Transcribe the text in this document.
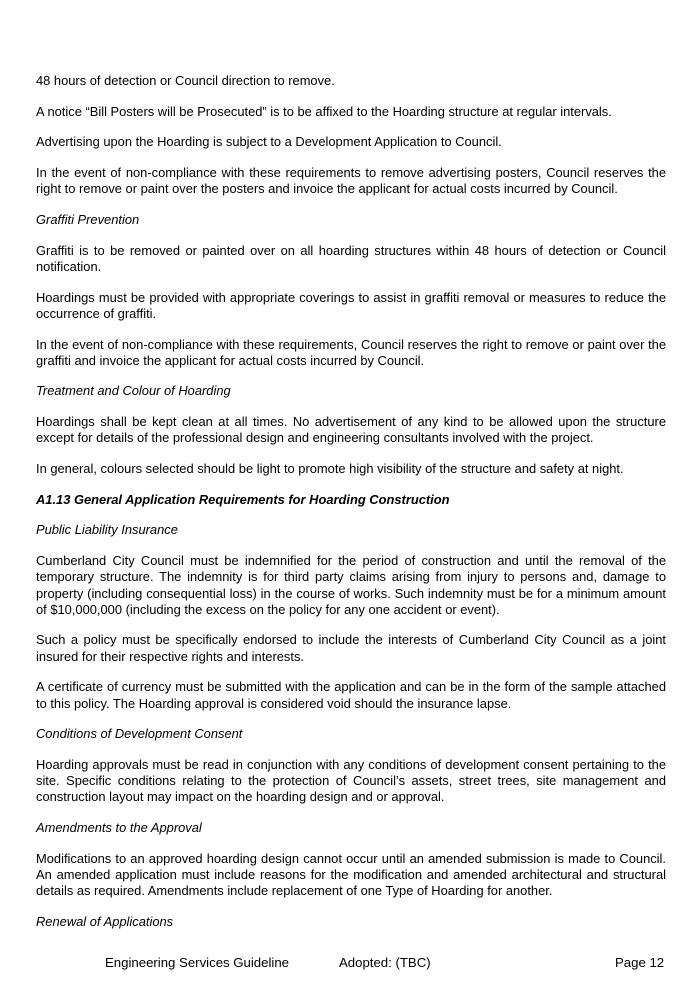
48 hours of detection or Council direction to remove.

A notice “Bill Posters will be Prosecuted” is to be affixed to the Hoarding structure at regular intervals.

Advertising upon the Hoarding is subject to a Development Application to Council.

In the event of non-compliance with these requirements to remove advertising posters, Council reserves the right to remove or paint over the posters and invoice the applicant for actual costs incurred by Council.

Graffiti Prevention

Graffiti is to be removed or painted over on all hoarding structures within 48 hours of detection or Council notification.

Hoardings must be provided with appropriate coverings to assist in graffiti removal or measures to reduce the occurrence of graffiti.

In the event of non-compliance with these requirements, Council reserves the right to remove or paint over the graffiti and invoice the applicant for actual costs incurred by Council.

Treatment and Colour of Hoarding

Hoardings shall be kept clean at all times. No advertisement of any kind to be allowed upon the structure except for details of the professional design and engineering consultants involved with the project.

In general, colours selected should be light to promote high visibility of the structure and safety at night.

A1.13 General Application Requirements for Hoarding Construction

Public Liability Insurance

Cumberland City Council must be indemnified for the period of construction and until the removal of the temporary structure. The indemnity is for third party claims arising from injury to persons and, damage to property (including consequential loss) in the course of works. Such indemnity must be for a minimum amount of $10,000,000 (including the excess on the policy for any one accident or event).

Such a policy must be specifically endorsed to include the interests of Cumberland City Council as a joint insured for their respective rights and interests.

A certificate of currency must be submitted with the application and can be in the form of the sample attached to this policy. The Hoarding approval is considered void should the insurance lapse.

Conditions of Development Consent

Hoarding approvals must be read in conjunction with any conditions of development consent pertaining to the site. Specific conditions relating to the protection of Council’s assets, street trees, site management and construction layout may impact on the hoarding design and or approval.

Amendments to the Approval

Modifications to an approved hoarding design cannot occur until an amended submission is made to Council. An amended application must include reasons for the modification and amended architectural and structural details as required. Amendments include replacement of one Type of Hoarding for another.

Renewal of Applications

Engineering Services Guideline	Adopted: (TBC)	Page 12
